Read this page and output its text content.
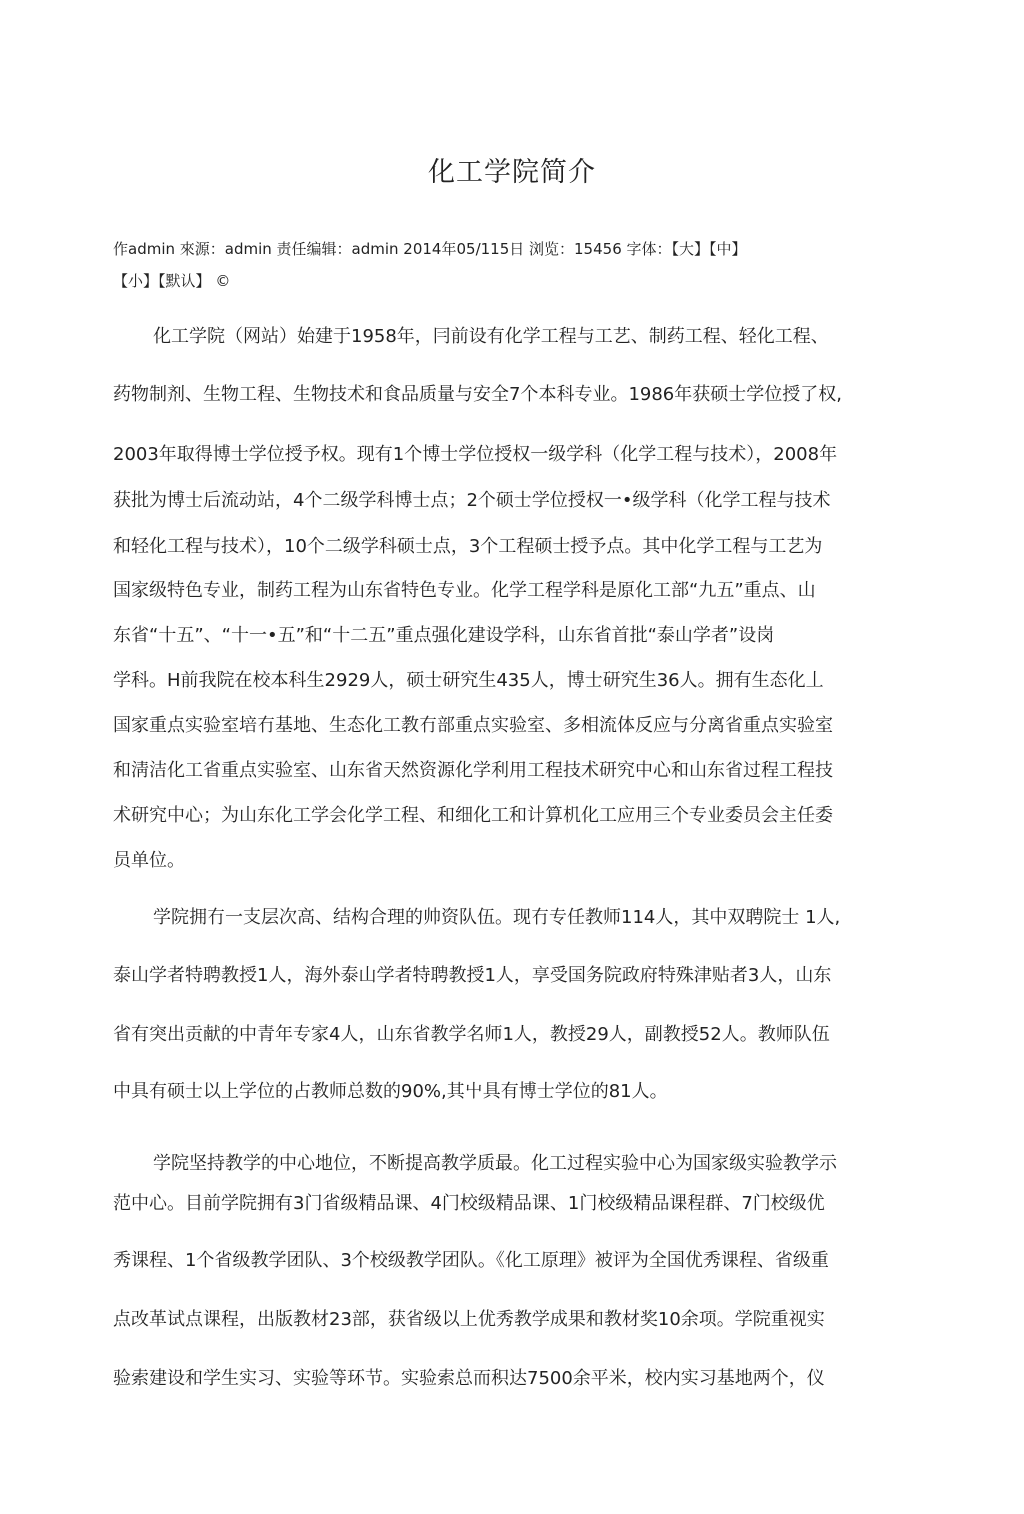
化工学院简介
作admin 來源：admin 责任编辑：admin 2014年05/115日 浏览：15456 字体：【大】【中】
【小】【默认】 ©
化工学院（网站）始建于1958年，冃前设有化学工程与工艺、制药工程、轻化工程、
药物制剂、生物工程、生物技术和食品质量与安全7个本科专业。1986年获硕士学位授了权,
2003年取得博士学位授予权。现有1个博士学位授权一级学科（化学工程与技术），2008年
获批为博士后流动站，4个二级学科博士点；2个硕士学位授权一•级学科（化学工程与技术
和轻化工程与技术），10个二级学科硕士点，3个工程硕士授予点。其中化学工程与工艺为
国家级特色专业，制药工程为山东省特色专业。化学工程学科是原化工部“九五”重点、山
东省“十五”、“十一•五”和“十二五”重点强化建设学科，山东省首批“泰山学者”设岗
学科。H前我院在校本科生2929人，硕士研究生435人，博士研究生36人。拥有生态化丄
国家重点实验室培冇基地、生态化工教冇部重点实验室、多相流体反应与分离省重点实验室
和淸洁化工省重点实验室、山东省天然资源化学利用工程技术研究中心和山东省过程工程技
术研究中心；为山东化工学会化学工程、和细化工和计算机化工应用三个专业委员会主任委
员单位。
学院拥冇一支层次高、结构合理的帅资队伍。现冇专任教师114人，其中双聘院士 1人,
泰山学者特聘教授1人，海外泰山学者特聘教授1人，享受国务院政府特殊津贴者3人，山东
省有突出贡献的中青年专家4人，山东省教学名师1人，教授29人，副教授52人。教师队伍
中具有硕士以上学位的占教师总数的90%,其屮具有博士学位的81人。
学院坚持教学的中心地位，不断提高教学质最。化工过程实验中心为国家级实验教学示
范中心。目前学院拥有3门省级精品课、4门校级精品课、1门校级精品课程群、7门校级优
秀课程、1个省级教学团队、3个校级教学团队。《化工原理》被评为全国优秀课程、省级重
点改革试点课程，出版教材23部，获省级以上优秀教学成果和教材奖10余项。学院重视实
验索建设和学生实习、实验等环节。实验索总而积达7500余平米，校内实习基地两个，仪
